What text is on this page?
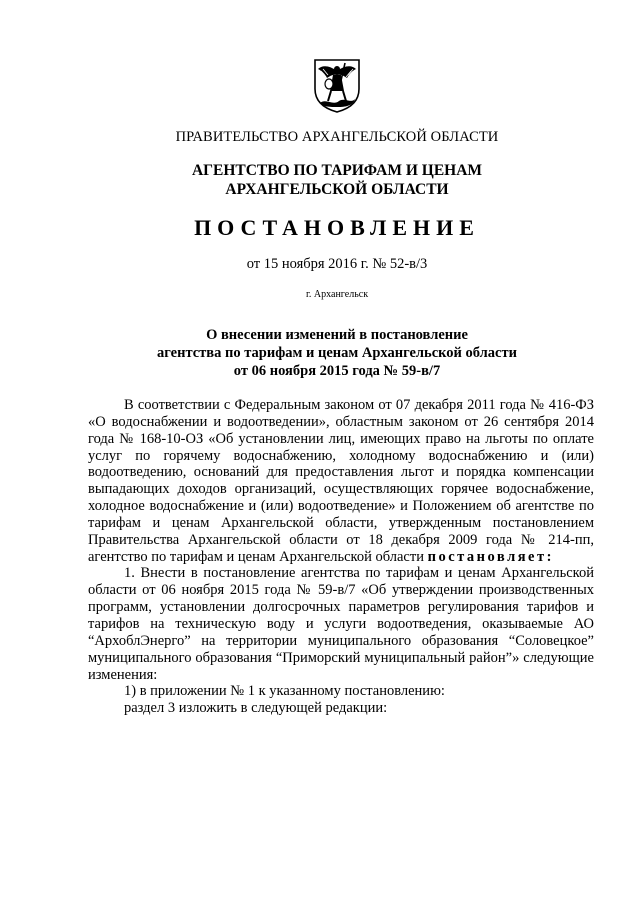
ПРАВИТЕЛЬСТВО АРХАНГЕЛЬСКОЙ ОБЛАСТИ
АГЕНТСТВО ПО ТАРИФАМ И ЦЕНАМ
АРХАНГЕЛЬСКОЙ ОБЛАСТИ
ПОСТАНОВЛЕНИЕ
от 15 ноября 2016 г. № 52-в/3
г. Архангельск
О внесении изменений в постановление
агентства по тарифам и ценам Архангельской области
от 06 ноября 2015 года № 59-в/7

В соответствии с Федеральным законом от 07 декабря 2011 года № 416-ФЗ «О водоснабжении и водоотведении», областным законом от 26 сентября 2014 года № 168-10-ОЗ «Об установлении лиц, имеющих право на льготы по оплате услуг по горячему водоснабжению, холодному водоснабжению и (или) водоотведению, оснований для предоставления льгот и порядка компенсации выпадающих доходов организаций, осуществляющих горячее водоснабжение, холодное водоснабжение и (или) водоотведение» и Положением об агентстве по тарифам и ценам Архангельской области, утвержденным постановлением Правительства Архангельской области от 18 декабря 2009 года № 214-пп, агентство по тарифам и ценам Архангельской области постановляет:

1. Внести в постановление агентства по тарифам и ценам Архангельской области от 06 ноября 2015 года № 59-в/7 «Об утверждении производственных программ, установлении долгосрочных параметров регулирования тарифов и тарифов на техническую воду и услуги водоотведения, оказываемые АО “АрхоблЭнерго” на территории муниципального образования “Соловецкое” муниципального образования “Приморский муниципальный район”» следующие изменения:

1) в приложении № 1 к указанному постановлению:

раздел 3 изложить в следующей редакции:
